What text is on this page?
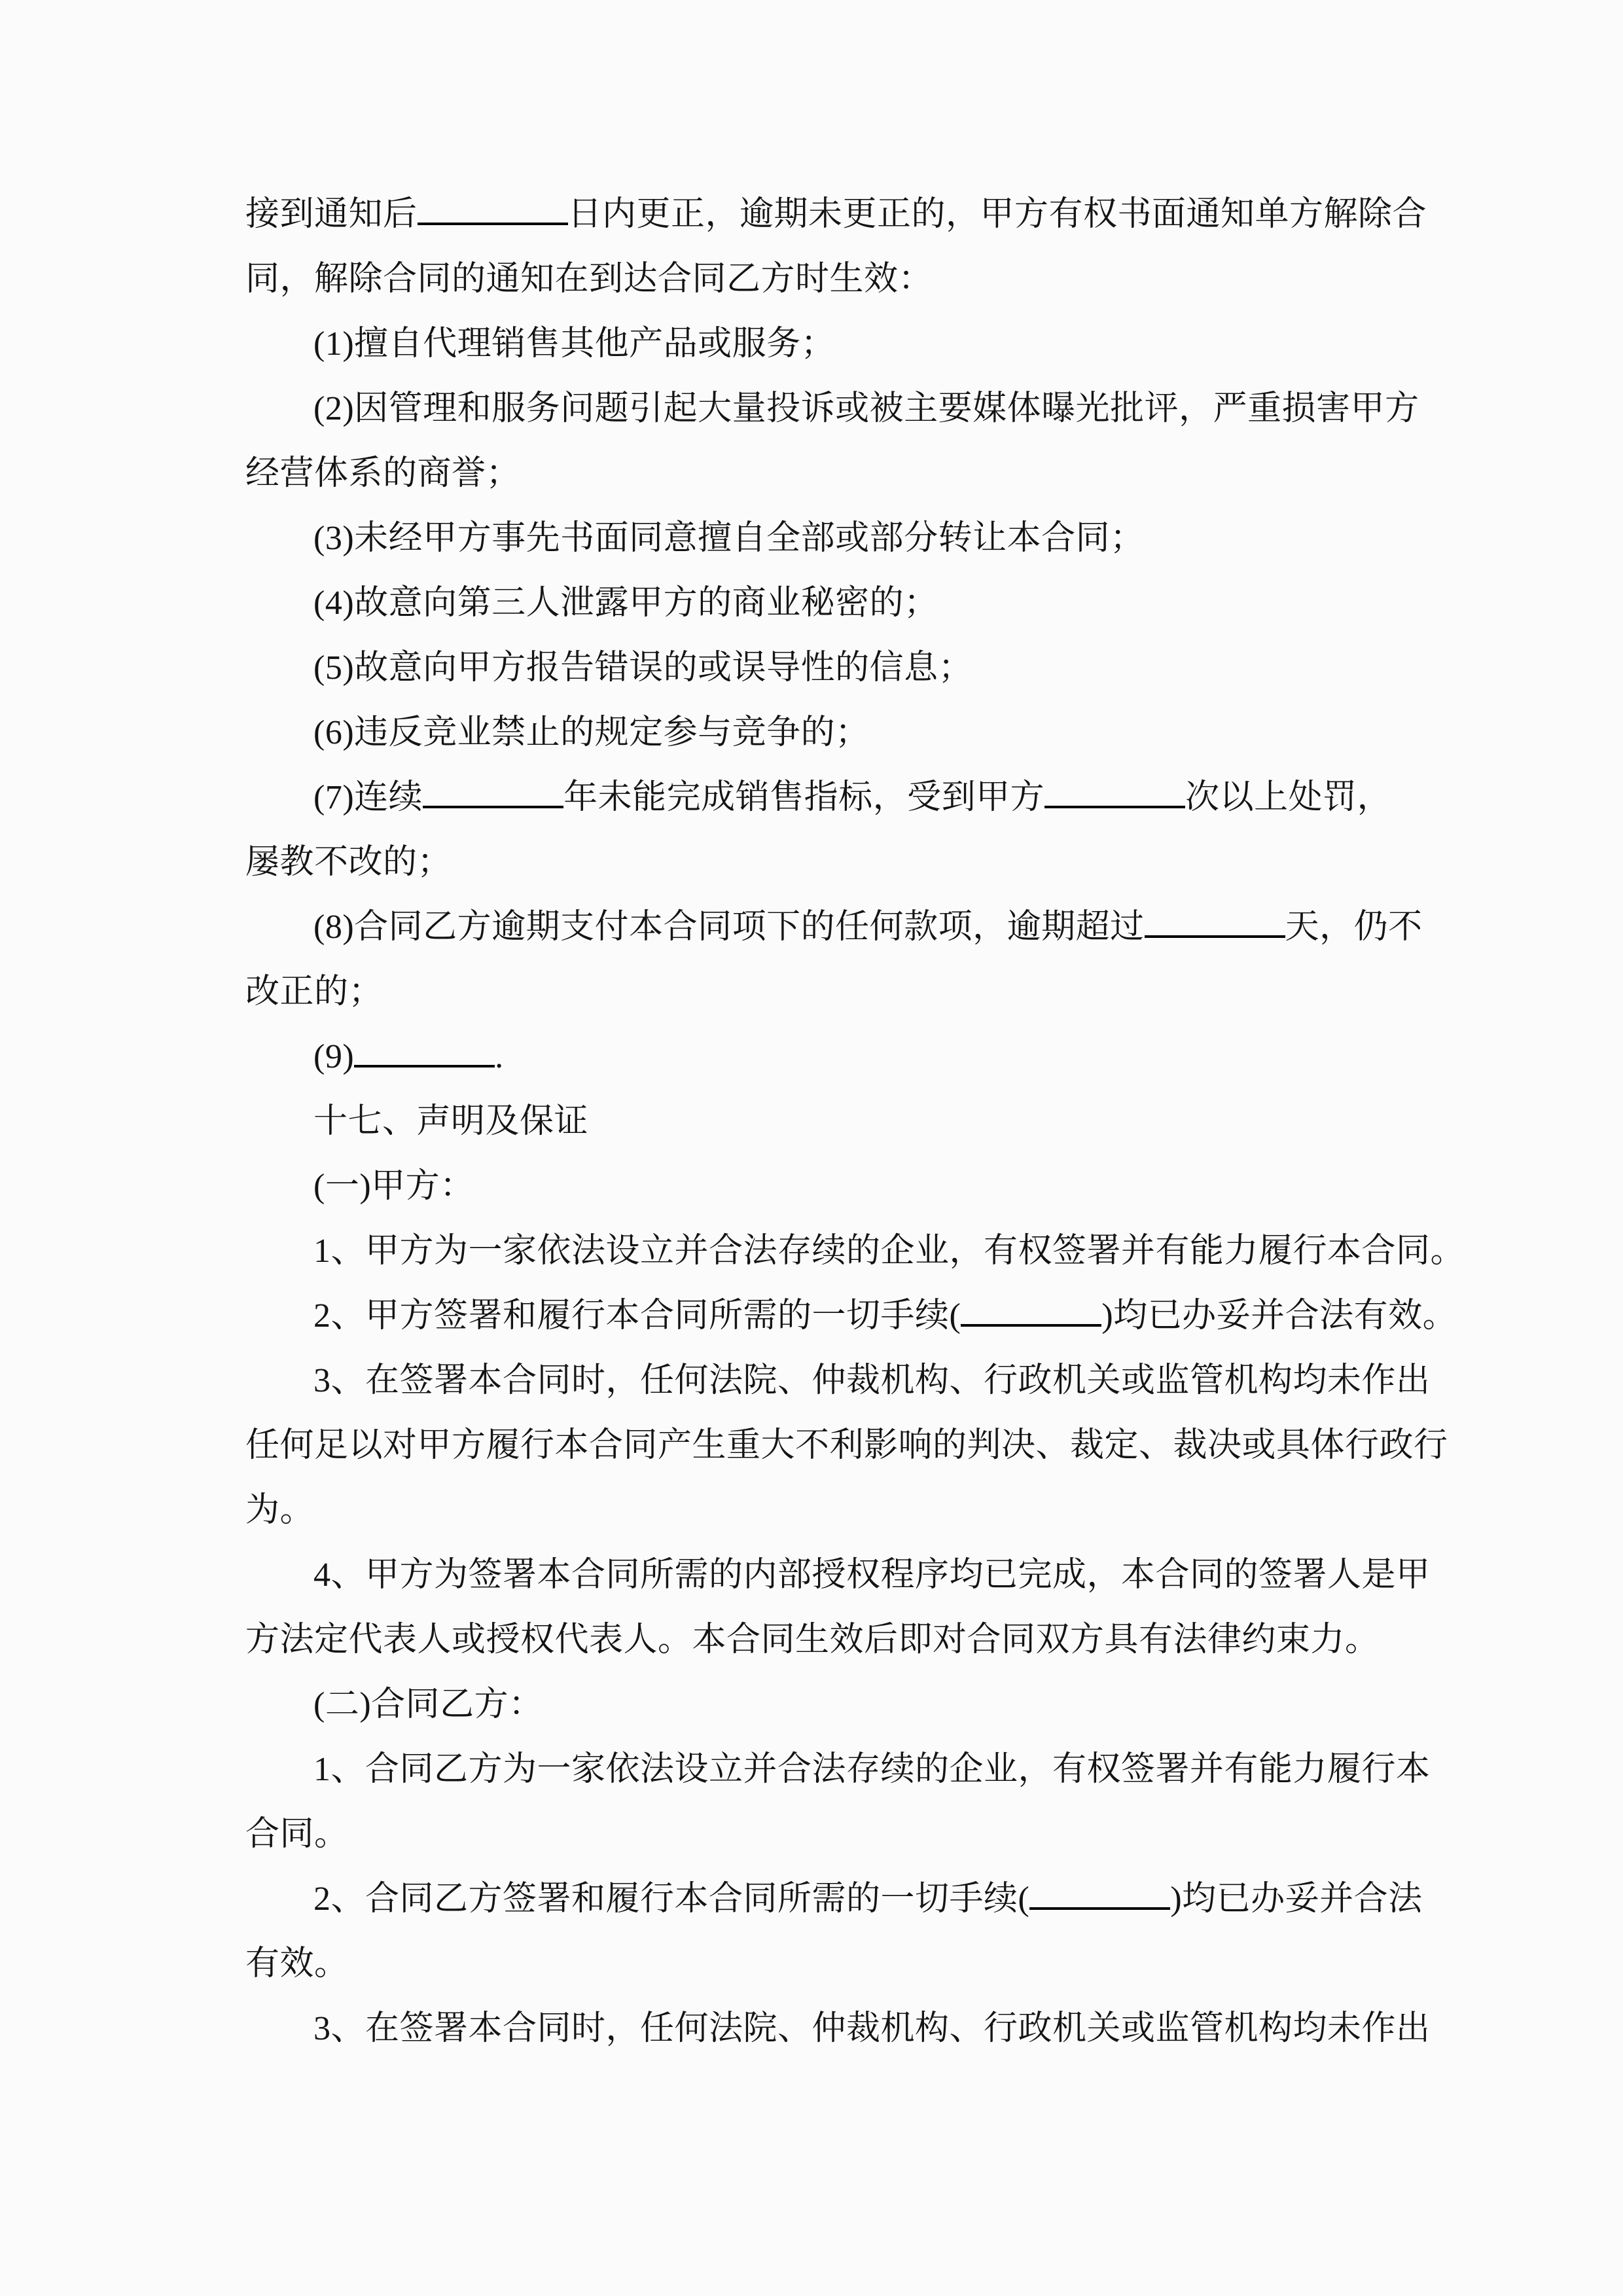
接到通知后	日内更正，逾期未更正的，甲方有权书面通知单方解除合
同，解除合同的通知在到达合同乙方时生效：
(1)擅自代理销售其他产品或服务；
(2)因管理和服务问题引起大量投诉或被主要媒体曝光批评，严重损害甲方
经营体系的商誉；
(3)未经甲方事先书面同意擅自全部或部分转让本合同；
(4)故意向第三人泄露甲方的商业秘密的；
(5)故意向甲方报告错误的或误导性的信息；
(6)违反竞业禁止的规定参与竞争的；
(7)连续	年未能完成销售指标，受到甲方	次以上处罚，
屡教不改的；
(8)合同乙方逾期支付本合同项下的任何款项，逾期超过	天，仍不
改正的；
(9)	.
十七、声明及保证
(一)甲方：
1、甲方为一家依法设立并合法存续的企业，有权签署并有能力履行本合同。
2、甲方签署和履行本合同所需的一切手续(	)均已办妥并合法有效。
3、在签署本合同时，任何法院、仲裁机构、行政机关或监管机构均未作出
任何足以对甲方履行本合同产生重大不利影响的判决、裁定、裁决或具体行政行
为。
4、甲方为签署本合同所需的内部授权程序均已完成，本合同的签署人是甲
方法定代表人或授权代表人。本合同生效后即对合同双方具有法律约束力。
(二)合同乙方：
1、合同乙方为一家依法设立并合法存续的企业，有权签署并有能力履行本
合同。
2、合同乙方签署和履行本合同所需的一切手续(	)均已办妥并合法
有效。
3、在签署本合同时，任何法院、仲裁机构、行政机关或监管机构均未作出
